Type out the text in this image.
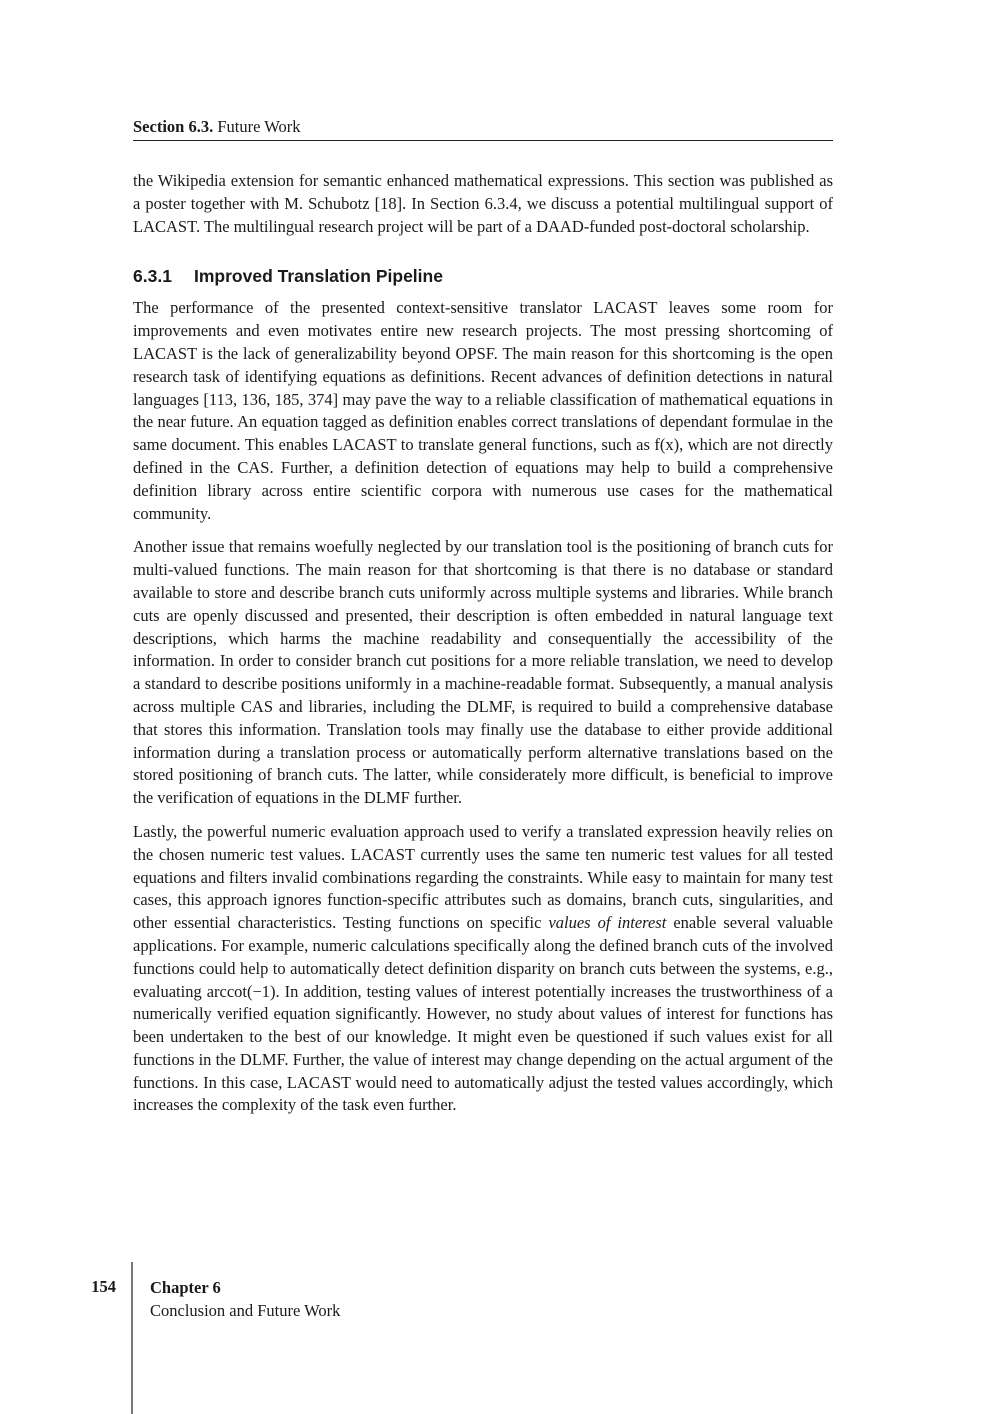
Section 6.3. Future Work

the Wikipedia extension for semantic enhanced mathematical expressions. This section was published as a poster together with M. Schubotz [18]. In Section 6.3.4, we discuss a potential multilingual support of LACAST. The multilingual research project will be part of a DAAD-funded post-doctoral scholarship.

6.3.1 Improved Translation Pipeline

The performance of the presented context-sensitive translator LACAST leaves some room for improvements and even motivates entire new research projects. The most pressing shortcoming of LACAST is the lack of generalizability beyond OPSF. The main reason for this shortcoming is the open research task of identifying equations as definitions. Recent advances of definition detections in natural languages [113, 136, 185, 374] may pave the way to a reliable classification of mathematical equations in the near future. An equation tagged as definition enables correct translations of dependant formulae in the same document. This enables LACAST to translate general functions, such as f(x), which are not directly defined in the CAS. Further, a definition detection of equations may help to build a comprehensive definition library across entire scientific corpora with numerous use cases for the mathematical community.

Another issue that remains woefully neglected by our translation tool is the positioning of branch cuts for multi-valued functions. The main reason for that shortcoming is that there is no database or standard available to store and describe branch cuts uniformly across multiple systems and libraries. While branch cuts are openly discussed and presented, their description is often embedded in natural language text descriptions, which harms the machine readability and consequentially the accessibility of the information. In order to consider branch cut positions for a more reliable translation, we need to develop a standard to describe positions uniformly in a machine-readable format. Subsequently, a manual analysis across multiple CAS and libraries, including the DLMF, is required to build a comprehensive database that stores this information. Translation tools may finally use the database to either provide additional information during a translation process or automatically perform alternative translations based on the stored positioning of branch cuts. The latter, while considerately more difficult, is beneficial to improve the verification of equations in the DLMF further.

Lastly, the powerful numeric evaluation approach used to verify a translated expression heavily relies on the chosen numeric test values. LACAST currently uses the same ten numeric test values for all tested equations and filters invalid combinations regarding the constraints. While easy to maintain for many test cases, this approach ignores function-specific attributes such as domains, branch cuts, singularities, and other essential characteristics. Testing functions on specific values of interest enable several valuable applications. For example, numeric calculations specifically along the defined branch cuts of the involved functions could help to automatically detect definition disparity on branch cuts between the systems, e.g., evaluating arccot(−1). In addition, testing values of interest potentially increases the trustworthiness of a numerically verified equation significantly. However, no study about values of interest for functions has been undertaken to the best of our knowledge. It might even be questioned if such values exist for all functions in the DLMF. Further, the value of interest may change depending on the actual argument of the functions. In this case, LACAST would need to automatically adjust the tested values accordingly, which increases the complexity of the task even further.

154 Chapter 6
Conclusion and Future Work
